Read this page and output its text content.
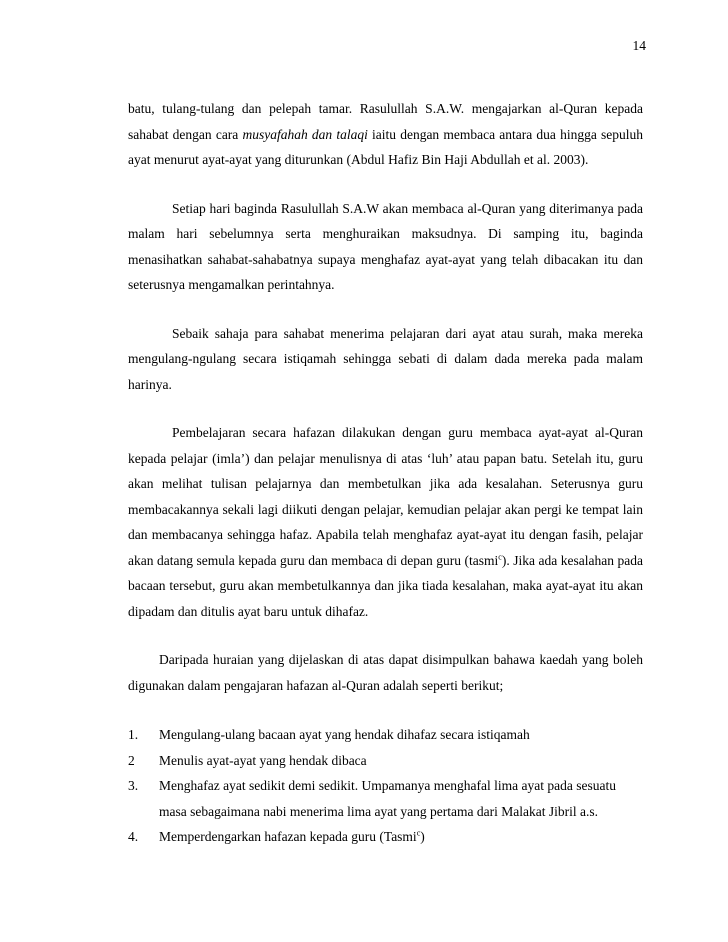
14

batu, tulang-tulang dan pelepah tamar. Rasulullah S.A.W. mengajarkan al-Quran kepada sahabat dengan cara musyafahah dan talaqi iaitu dengan membaca antara dua hingga sepuluh ayat menurut ayat-ayat yang diturunkan (Abdul Hafiz Bin Haji Abdullah et al. 2003).

Setiap hari baginda Rasulullah S.A.W akan membaca al-Quran yang diterimanya pada malam hari sebelumnya serta menghuraikan maksudnya. Di samping itu, baginda menasihatkan sahabat-sahabatnya supaya menghafaz ayat-ayat yang telah dibacakan itu dan seterusnya mengamalkan perintahnya.

Sebaik sahaja para sahabat menerima pelajaran dari ayat atau surah, maka mereka mengulang-ngulang secara istiqamah sehingga sebati di dalam dada mereka pada malam harinya.

Pembelajaran secara hafazan dilakukan dengan guru membaca ayat-ayat al-Quran kepada pelajar (imla’) dan pelajar menulisnya di atas ‘luh’ atau papan batu. Setelah itu, guru akan melihat tulisan pelajarnya dan membetulkan jika ada kesalahan. Seterusnya guru membacakannya sekali lagi diikuti dengan pelajar, kemudian pelajar akan pergi ke tempat lain dan membacanya sehingga hafaz. Apabila telah menghafaz ayat-ayat itu dengan fasih, pelajar akan datang semula kepada guru dan membaca di depan guru (tasmi$^c$). Jika ada kesalahan pada bacaan tersebut, guru akan membetulkannya dan jika tiada kesalahan, maka ayat-ayat itu akan dipadam dan ditulis ayat baru untuk dihafaz.

Daripada huraian yang dijelaskan di atas dapat disimpulkan bahawa kaedah yang boleh digunakan dalam pengajaran hafazan al-Quran adalah seperti berikut;

1.	Mengulang-ulang bacaan ayat yang hendak dihafaz secara istiqamah
2	Menulis ayat-ayat yang hendak dibaca
3.	Menghafaz ayat sedikit demi sedikit. Umpamanya menghafal lima ayat pada sesuatu masa sebagaimana nabi menerima lima ayat yang pertama dari Malakat Jibril a.s.
4.	Memperdengarkan hafazan kepada guru (Tasmi$^c$)
